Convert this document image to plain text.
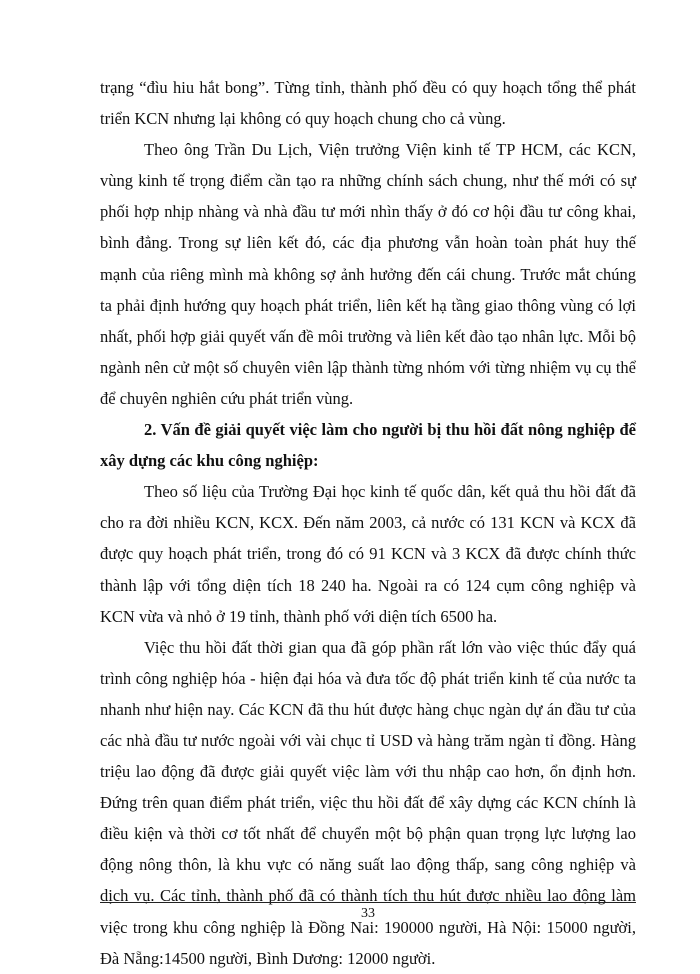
trạng “đìu hiu hắt bong”. Từng tỉnh, thành phố đều có quy hoạch tổng thể phát triển KCN nhưng lại không có quy hoạch chung cho cả vùng.

Theo ông Trần Du Lịch, Viện trưởng Viện kinh tế TP HCM, các KCN, vùng kinh tế trọng điểm cần tạo ra những chính sách chung, như thế mới có sự phối hợp nhịp nhàng và nhà đầu tư mới nhìn thấy ở đó cơ hội đầu tư công khai, bình đẳng. Trong sự liên kết đó, các địa phương vẫn hoàn toàn phát huy thế mạnh của riêng mình mà không sợ ảnh hưởng đến cái chung. Trước mắt chúng ta phải định hướng quy hoạch phát triển, liên kết hạ tầng giao thông vùng có lợi nhất, phối hợp giải quyết vấn đề môi trường và liên kết đào tạo nhân lực. Mỗi bộ ngành nên cử một số chuyên viên lập thành từng nhóm với từng nhiệm vụ cụ thể để chuyên nghiên cứu phát triển vùng.

2. Vấn đề giải quyết việc làm cho người bị thu hồi đất nông nghiệp để xây dựng các khu công nghiệp:

Theo số liệu của Trường Đại học kinh tế quốc dân, kết quả thu hồi đất đã cho ra đời nhiều KCN, KCX. Đến năm 2003, cả nước có 131 KCN và KCX đã được quy hoạch phát triển, trong đó có 91 KCN và 3 KCX đã được chính thức thành lập với tổng diện tích 18 240 ha. Ngoài ra có 124 cụm công nghiệp và KCN vừa và nhỏ ở 19 tỉnh, thành phố với diện tích 6500 ha.

Việc thu hồi đất thời gian qua đã góp phần rất lớn vào việc thúc đẩy quá trình công nghiệp hóa - hiện đại hóa và đưa tốc độ phát triển kinh tế của nước ta nhanh như hiện nay. Các KCN đã thu hút được hàng chục ngàn dự án đầu tư của các nhà đầu tư nước ngoài với vài chục tỉ USD và hàng trăm ngàn tỉ đồng. Hàng triệu lao động đã được giải quyết việc làm với thu nhập cao hơn, ổn định hơn. Đứng trên quan điểm phát triển, việc thu hồi đất để xây dựng các KCN chính là điều kiện và thời cơ tốt nhất để chuyển một bộ phận quan trọng lực lượng lao động nông thôn, là khu vực có năng suất lao động thấp, sang công nghiệp và dịch vụ. Các tỉnh, thành phố đã có thành tích thu hút được nhiều lao động làm việc trong khu công nghiệp là Đồng Nai: 190000 người, Hà Nội: 15000 người, Đà Nẵng:14500 người, Bình Dương: 12000 người.

33
